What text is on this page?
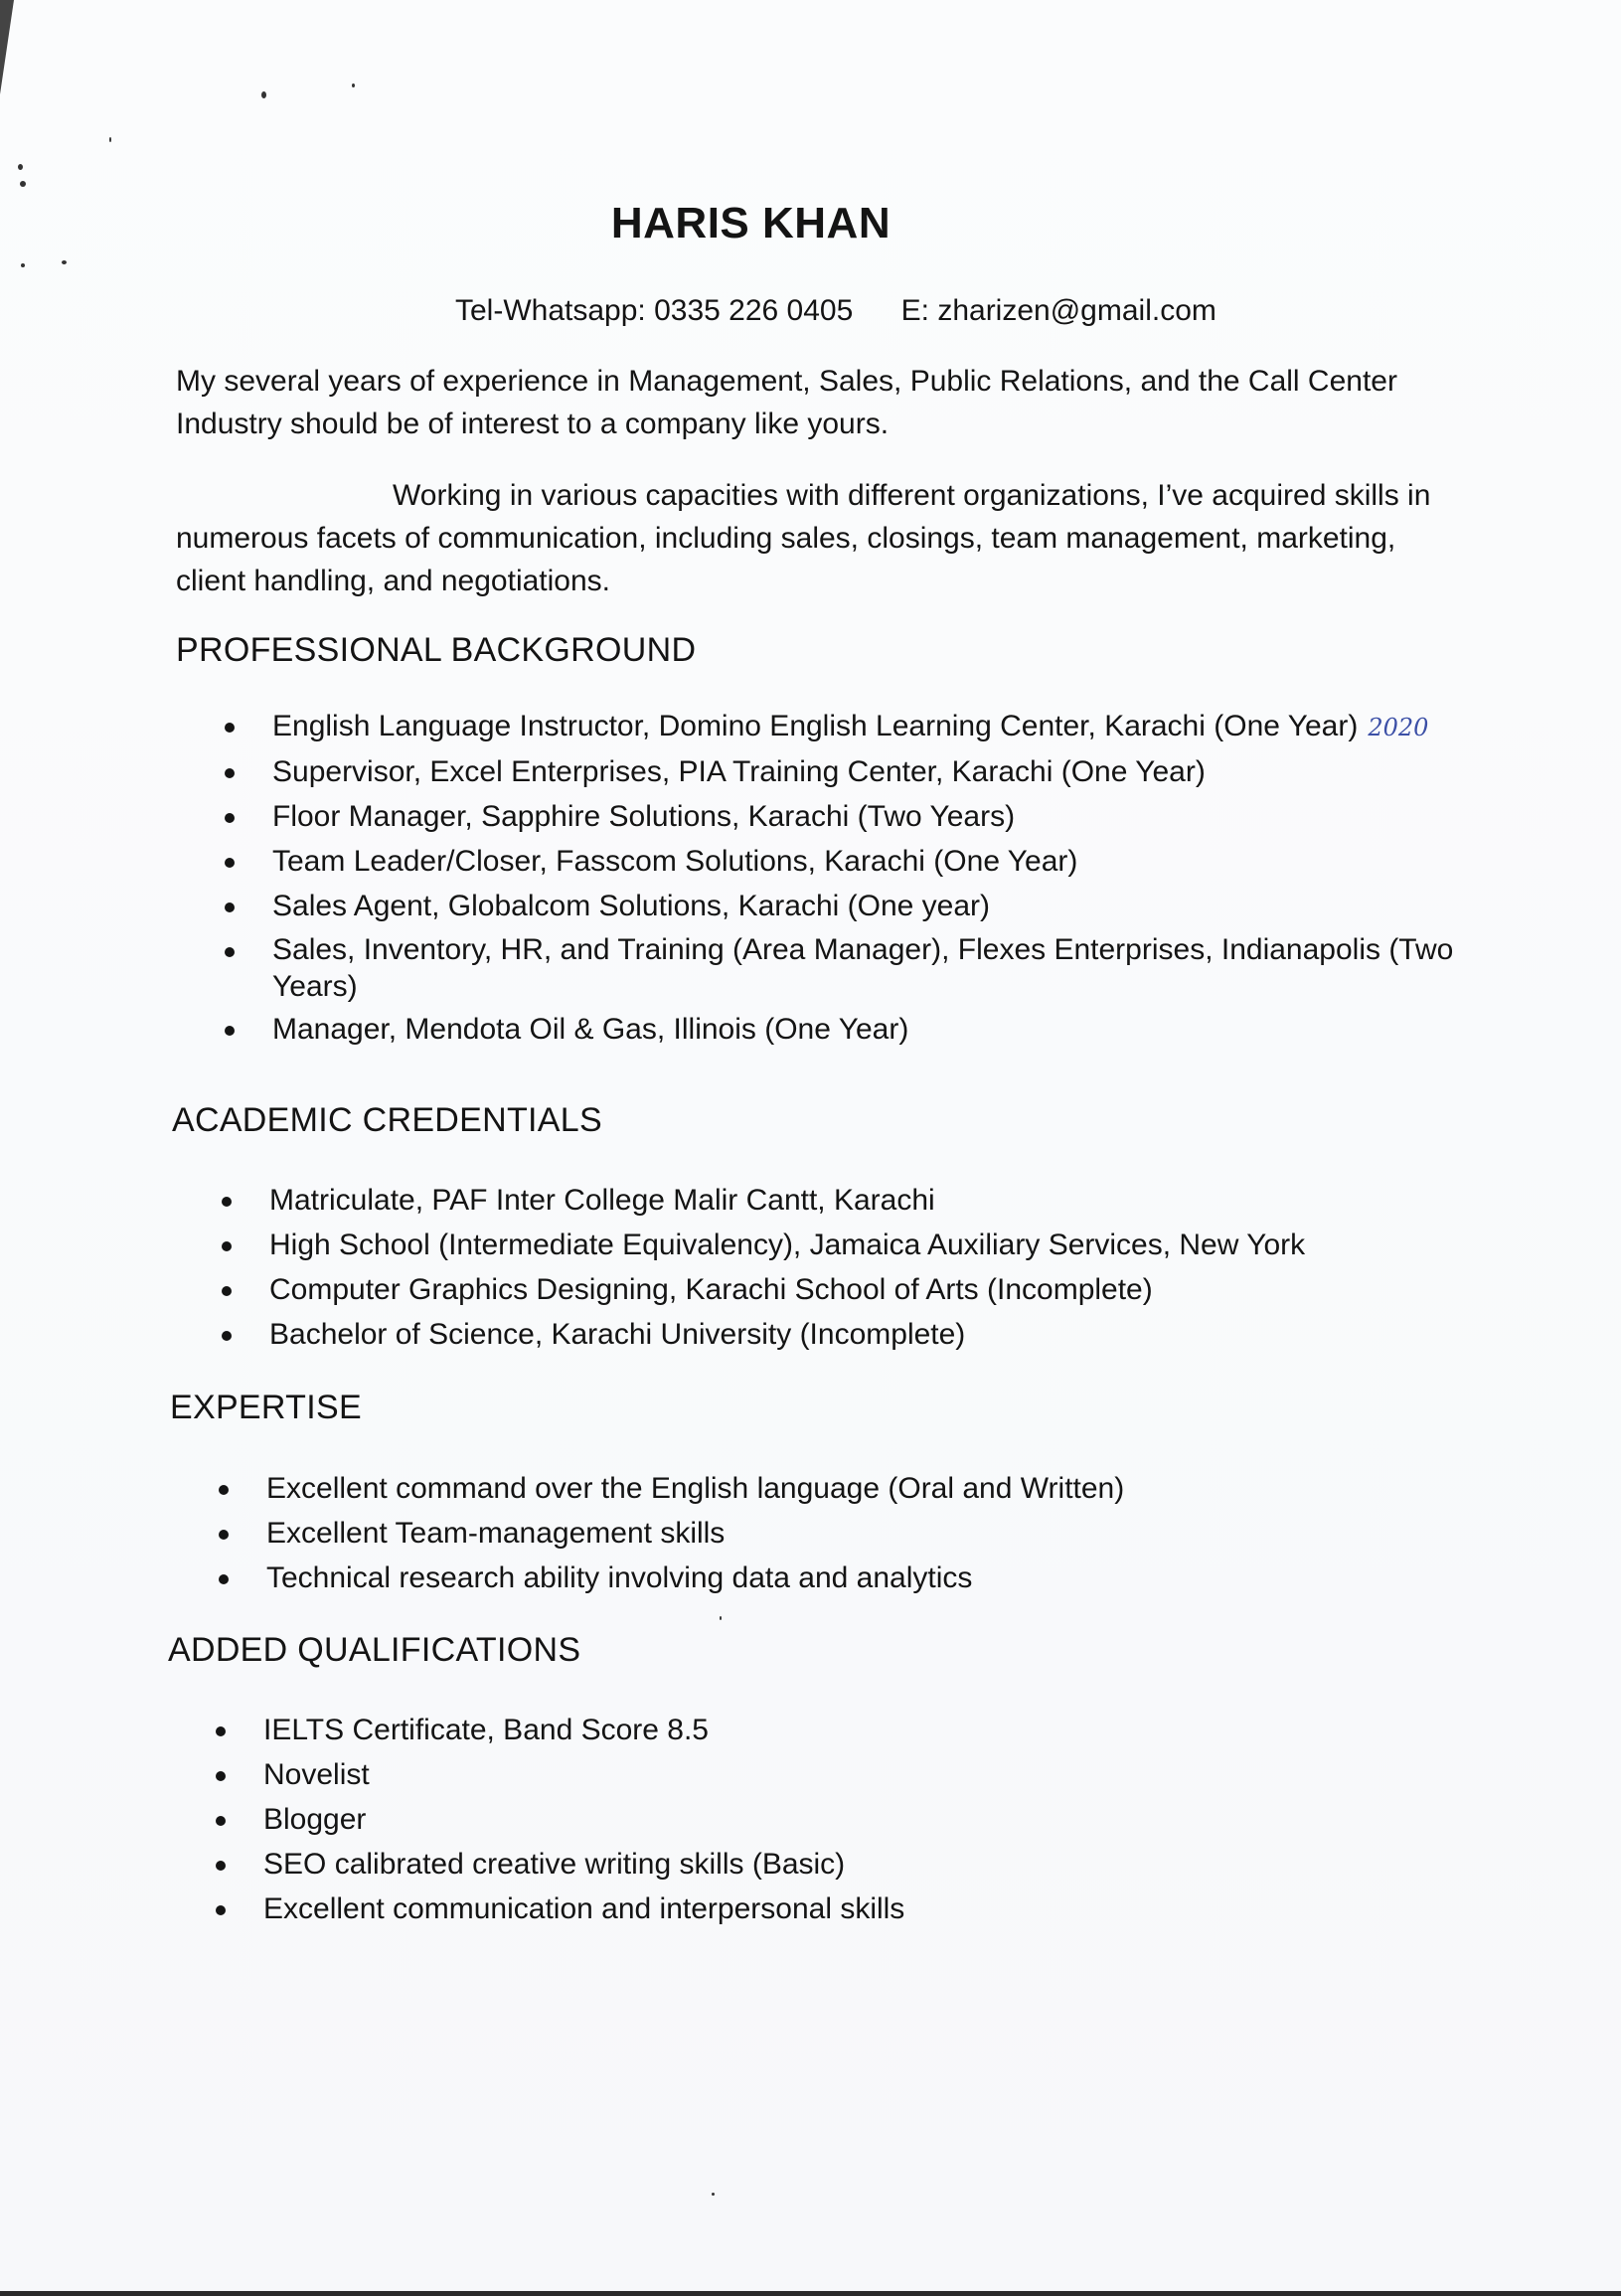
HARIS KHAN
Tel-Whatsapp: 0335 226 0405 E: zharizen@gmail.com
My several years of experience in Management, Sales, Public Relations, and the Call Center Industry should be of interest to a company like yours.
Working in various capacities with different organizations, I’ve acquired skills in numerous facets of communication, including sales, closings, team management, marketing, client handling, and negotiations.
PROFESSIONAL BACKGROUND
English Language Instructor, Domino English Learning Center, Karachi (One Year) 2020
Supervisor, Excel Enterprises, PIA Training Center, Karachi (One Year)
Floor Manager, Sapphire Solutions, Karachi (Two Years)
Team Leader/Closer, Fasscom Solutions, Karachi (One Year)
Sales Agent, Globalcom Solutions, Karachi (One year)
Sales, Inventory, HR, and Training (Area Manager), Flexes Enterprises, Indianapolis (Two Years)
Manager, Mendota Oil & Gas, Illinois (One Year)
ACADEMIC CREDENTIALS
Matriculate, PAF Inter College Malir Cantt, Karachi
High School (Intermediate Equivalency), Jamaica Auxiliary Services, New York
Computer Graphics Designing, Karachi School of Arts (Incomplete)
Bachelor of Science, Karachi University (Incomplete)
EXPERTISE
Excellent command over the English language (Oral and Written)
Excellent Team-management skills
Technical research ability involving data and analytics
ADDED QUALIFICATIONS
IELTS Certificate, Band Score 8.5
Novelist
Blogger
SEO calibrated creative writing skills (Basic)
Excellent communication and interpersonal skills
